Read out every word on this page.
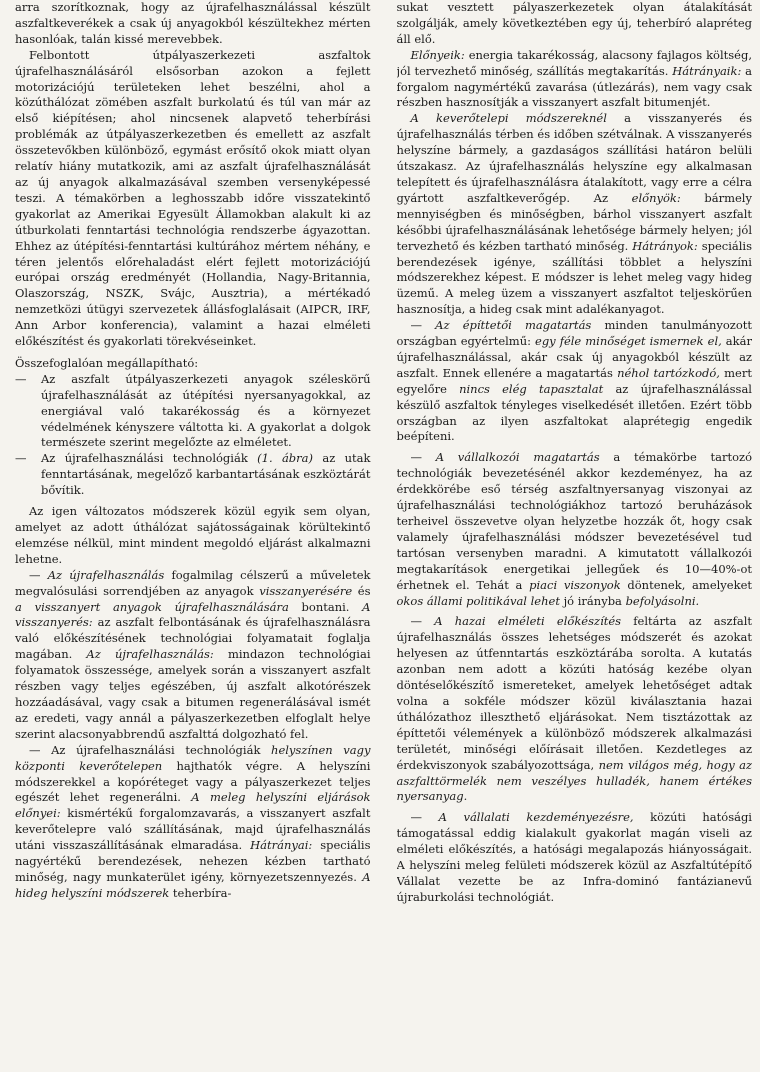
arra szorítkoznak, hogy az újrafelhasználással készült aszfaltkeverékek a csak új anyagokból készültekhez mérten hasonlóak, talán kissé merevebbek.

Felbontott útpályaszerkezeti aszfaltok újrafelhasználásáról elsősorban azokon a fejlett motorizációjú területeken lehet beszélni, ahol a közúthálózat zömében aszfalt burkolatú és túl van már az első kiépítésen; ahol nincsenek alapvető teherbírási problémák az útpályaszerkezetben és emellett az aszfalt összetevőkben különböző, egymást erősítő okok miatt olyan relatív hiány mutatkozik, ami az aszfalt újrafelhasználását az új anyagok alkalmazásával szemben versenyképessé teszi. A témakörben a leghosszabb időre visszatekintő gyakorlat az Amerikai Egyesült Államokban alakult ki az útburkolati fenntartási technológia rendszerbe ágyazottan. Ehhez az útépítési-fenntartási kultúrához mértem néhány, e téren jelentős előrehaladást elért fejlett motorizációjú európai ország eredményét (Hollandia, Nagy-Britannia, Olaszország, NSZK, Svájc, Ausztria), a mértékadó nemzetközi útügyi szervezetek állásfoglalásait (AIPCR, IRF, Ann Arbor konferencia), valamint a hazai elméleti előkészítést és gyakorlati törekvéseinket.

Összefoglalóan megállapítható:

— Az aszfalt útpályaszerkezeti anyagok széleskörű újrafelhasználását az útépítési nyersanyagokkal, az energiával való takarékosság és a környezet védelmének kényszere váltotta ki. A gyakorlat a dolgok természete szerint megelőzte az elméletet.
— Az újrafelhasználási technológiák (1. ábra) az utak fenntartásának, megelőző karbantartásának eszköztárát bővítik.

Az igen változatos módszerek közül egyik sem olyan, amelyet az adott úthálózat sajátosságainak körültekintő elemzése nélkül, mint mindent megoldó eljárást alkalmazni lehetne.

— Az újrafelhasználás fogalmilag célszerű a műveletek megvalósulási sorrendjében az anyagok visszanyerésére és a visszanyert anyagok újrafelhasználására bontani. A visszanyerés: az aszfalt felbontásának és újrafelhasználásra való előkészítésének technológiai folyamatait foglalja magában. Az újrafelhasználás: mindazon technológiai folyamatok összessége, amelyek során a visszanyert aszfalt részben vagy teljes egészében, új aszfalt alkotórészek hozzáadásával, vagy csak a bitumen regenerálásával ismét az eredeti, vagy annál a pályaszerkezetben elfoglalt helye szerint alacsonyabbrendű aszfalttá dolgozható fel.

— Az újrafelhasználási technológiák helyszínen vagy központi keverőtelepen hajthatók végre. A helyszíni módszerekkel a kopóréteget vagy a pályaszerkezet teljes egészét lehet regenerálni. A meleg helyszíni eljárások előnyei: kismértékű forgalomzavarás, a visszanyert aszfalt keverőtelepre való szállításának, majd újrafelhasználás utáni visszaszállításának elmaradása. Hátrányai: speciális nagyértékű berendezések, nehezen kézben tartható minőség, nagy munkaterület igény, környezetszennyezés. A hideg helyszíni módszerek teherbíra-

sukat vesztett pályaszerkezetek olyan átalakítását szolgálják, amely következtében egy új, teherbíró alapréteg áll elő.

Előnyeik: energia takarékosság, alacsony fajlagos költség, jól tervezhető minőség, szállítás megtakarítás. Hátrányaik: a forgalom nagymértékű zavarása (útlezárás), nem vagy csak részben hasznosítják a visszanyert aszfalt bitumenjét.

A keverőtelepi módszereknél a visszanyerés és újrafelhasználás térben és időben szétválnak. A visszanyerés helyszíne bármely, a gazdaságos szállítási határon belüli útszakasz. Az újrafelhasználás helyszíne egy alkalmasan telepített és újrafelhasználásra átalakított, vagy erre a célra gyártott aszfaltkeverőgép. Az előnyök: bármely mennyiségben és minőségben, bárhol visszanyert aszfalt későbbi újrafelhasználásának lehetősége bármely helyen; jól tervezhető és kézben tartható minőség. Hátrányok: speciális berendezések igénye, szállítási többlet a helyszíni módszerekhez képest. E módszer is lehet meleg vagy hideg üzemű. A meleg üzem a visszanyert aszfaltot teljeskörűen hasznosítja, a hideg csak mint adalékanyagot.

— Az építtetői magatartás minden tanulmányozott országban egyértelmű: egy féle minőséget ismernek el, akár újrafelhasználással, akár csak új anyagokból készült az aszfalt. Ennek ellenére a magatartás néhol tartózkodó, mert egyelőre nincs elég tapasztalat az újrafelhasználással készülő aszfaltok tényleges viselkedését illetően. Ezért több országban az ilyen aszfaltokat alaprétegig engedik beépíteni.

— A vállalkozói magatartás a témakörbe tartozó technológiák bevezetésénél akkor kezdeményez, ha az érdekkörébe eső térség aszfaltnyersanyag viszonyai az újrafelhasználási technológiákhoz tartozó beruházások terheivel összevetve olyan helyzetbe hozzák őt, hogy csak valamely újrafelhasználási módszer bevezetésével tud tartósan versenyben maradni. A kimutatott vállalkozói megtakarítások energetikai jellegűek és 10—40%-ot érhetnek el. Tehát a piaci viszonyok döntenek, amelyeket okos állami politikával lehet jó irányba befolyásolni.

— A hazai elméleti előkészítés feltárta az aszfalt újrafelhasználás összes lehetséges módszerét és azokat helyesen az útfenntartás eszköztárába sorolta. A kutatás azonban nem adott a közúti hatóság kezébe olyan döntéselőkészítő ismereteket, amelyek lehetőséget adtak volna a sokféle módszer közül kiválasztania hazai úthálózathoz illeszthető eljárásokat. Nem tisztázottak az építtetői vélemények a különböző módszerek alkalmazási területét, minőségi előírásait illetően. Kezdetleges az érdekviszonyok szabályozottsága, nem világos még, hogy az aszfalttörmelék nem veszélyes hulladék, hanem értékes nyersanyag.

— A vállalati kezdeményezésre, közúti hatósági támogatással eddig kialakult gyakorlat magán viseli az elméleti előkészítés, a hatósági megalapozás hiányosságait. A helyszíni meleg felületi módszerek közül az Aszfaltútépítő Vállalat vezette be az Infra-dominó fantázianevű újraburkolási technológiát.
